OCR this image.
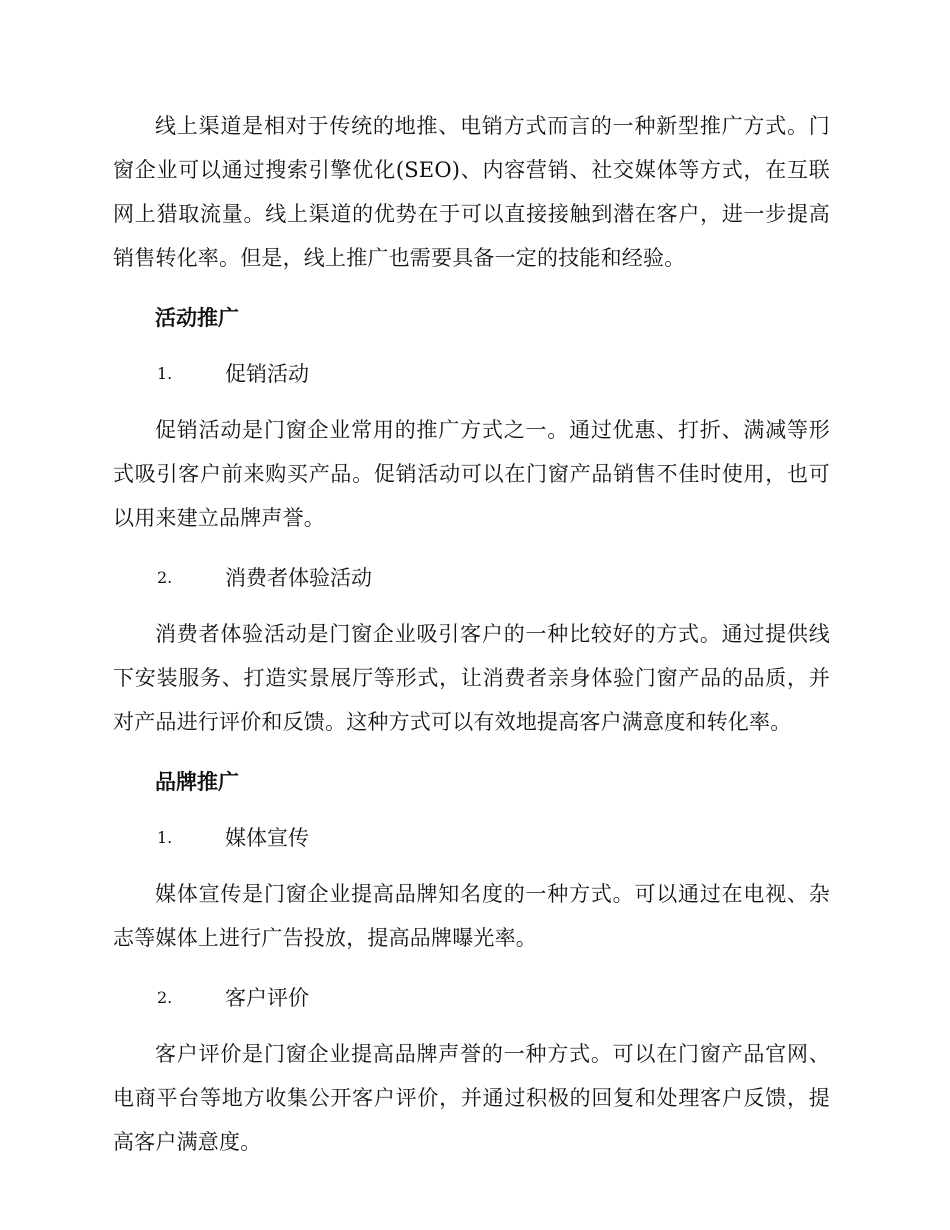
线上渠道是相对于传统的地推、电销方式而言的一种新型推广方式。门窗企业可以通过搜索引擎优化(SEO)、内容营销、社交媒体等方式，在互联网上猎取流量。线上渠道的优势在于可以直接接触到潜在客户，进一步提高销售转化率。但是，线上推广也需要具备一定的技能和经验。

活动推广
1.	促销活动

促销活动是门窗企业常用的推广方式之一。通过优惠、打折、满减等形式吸引客户前来购买产品。促销活动可以在门窗产品销售不佳时使用，也可以用来建立品牌声誉。

2.	消费者体验活动

消费者体验活动是门窗企业吸引客户的一种比较好的方式。通过提供线下安装服务、打造实景展厅等形式，让消费者亲身体验门窗产品的品质，并对产品进行评价和反馈。这种方式可以有效地提高客户满意度和转化率。

品牌推广
1.	媒体宣传

媒体宣传是门窗企业提高品牌知名度的一种方式。可以通过在电视、杂志等媒体上进行广告投放，提高品牌曝光率。

2.	客户评价

客户评价是门窗企业提高品牌声誉的一种方式。可以在门窗产品官网、电商平台等地方收集公开客户评价，并通过积极的回复和处理客户反馈，提高客户满意度。
